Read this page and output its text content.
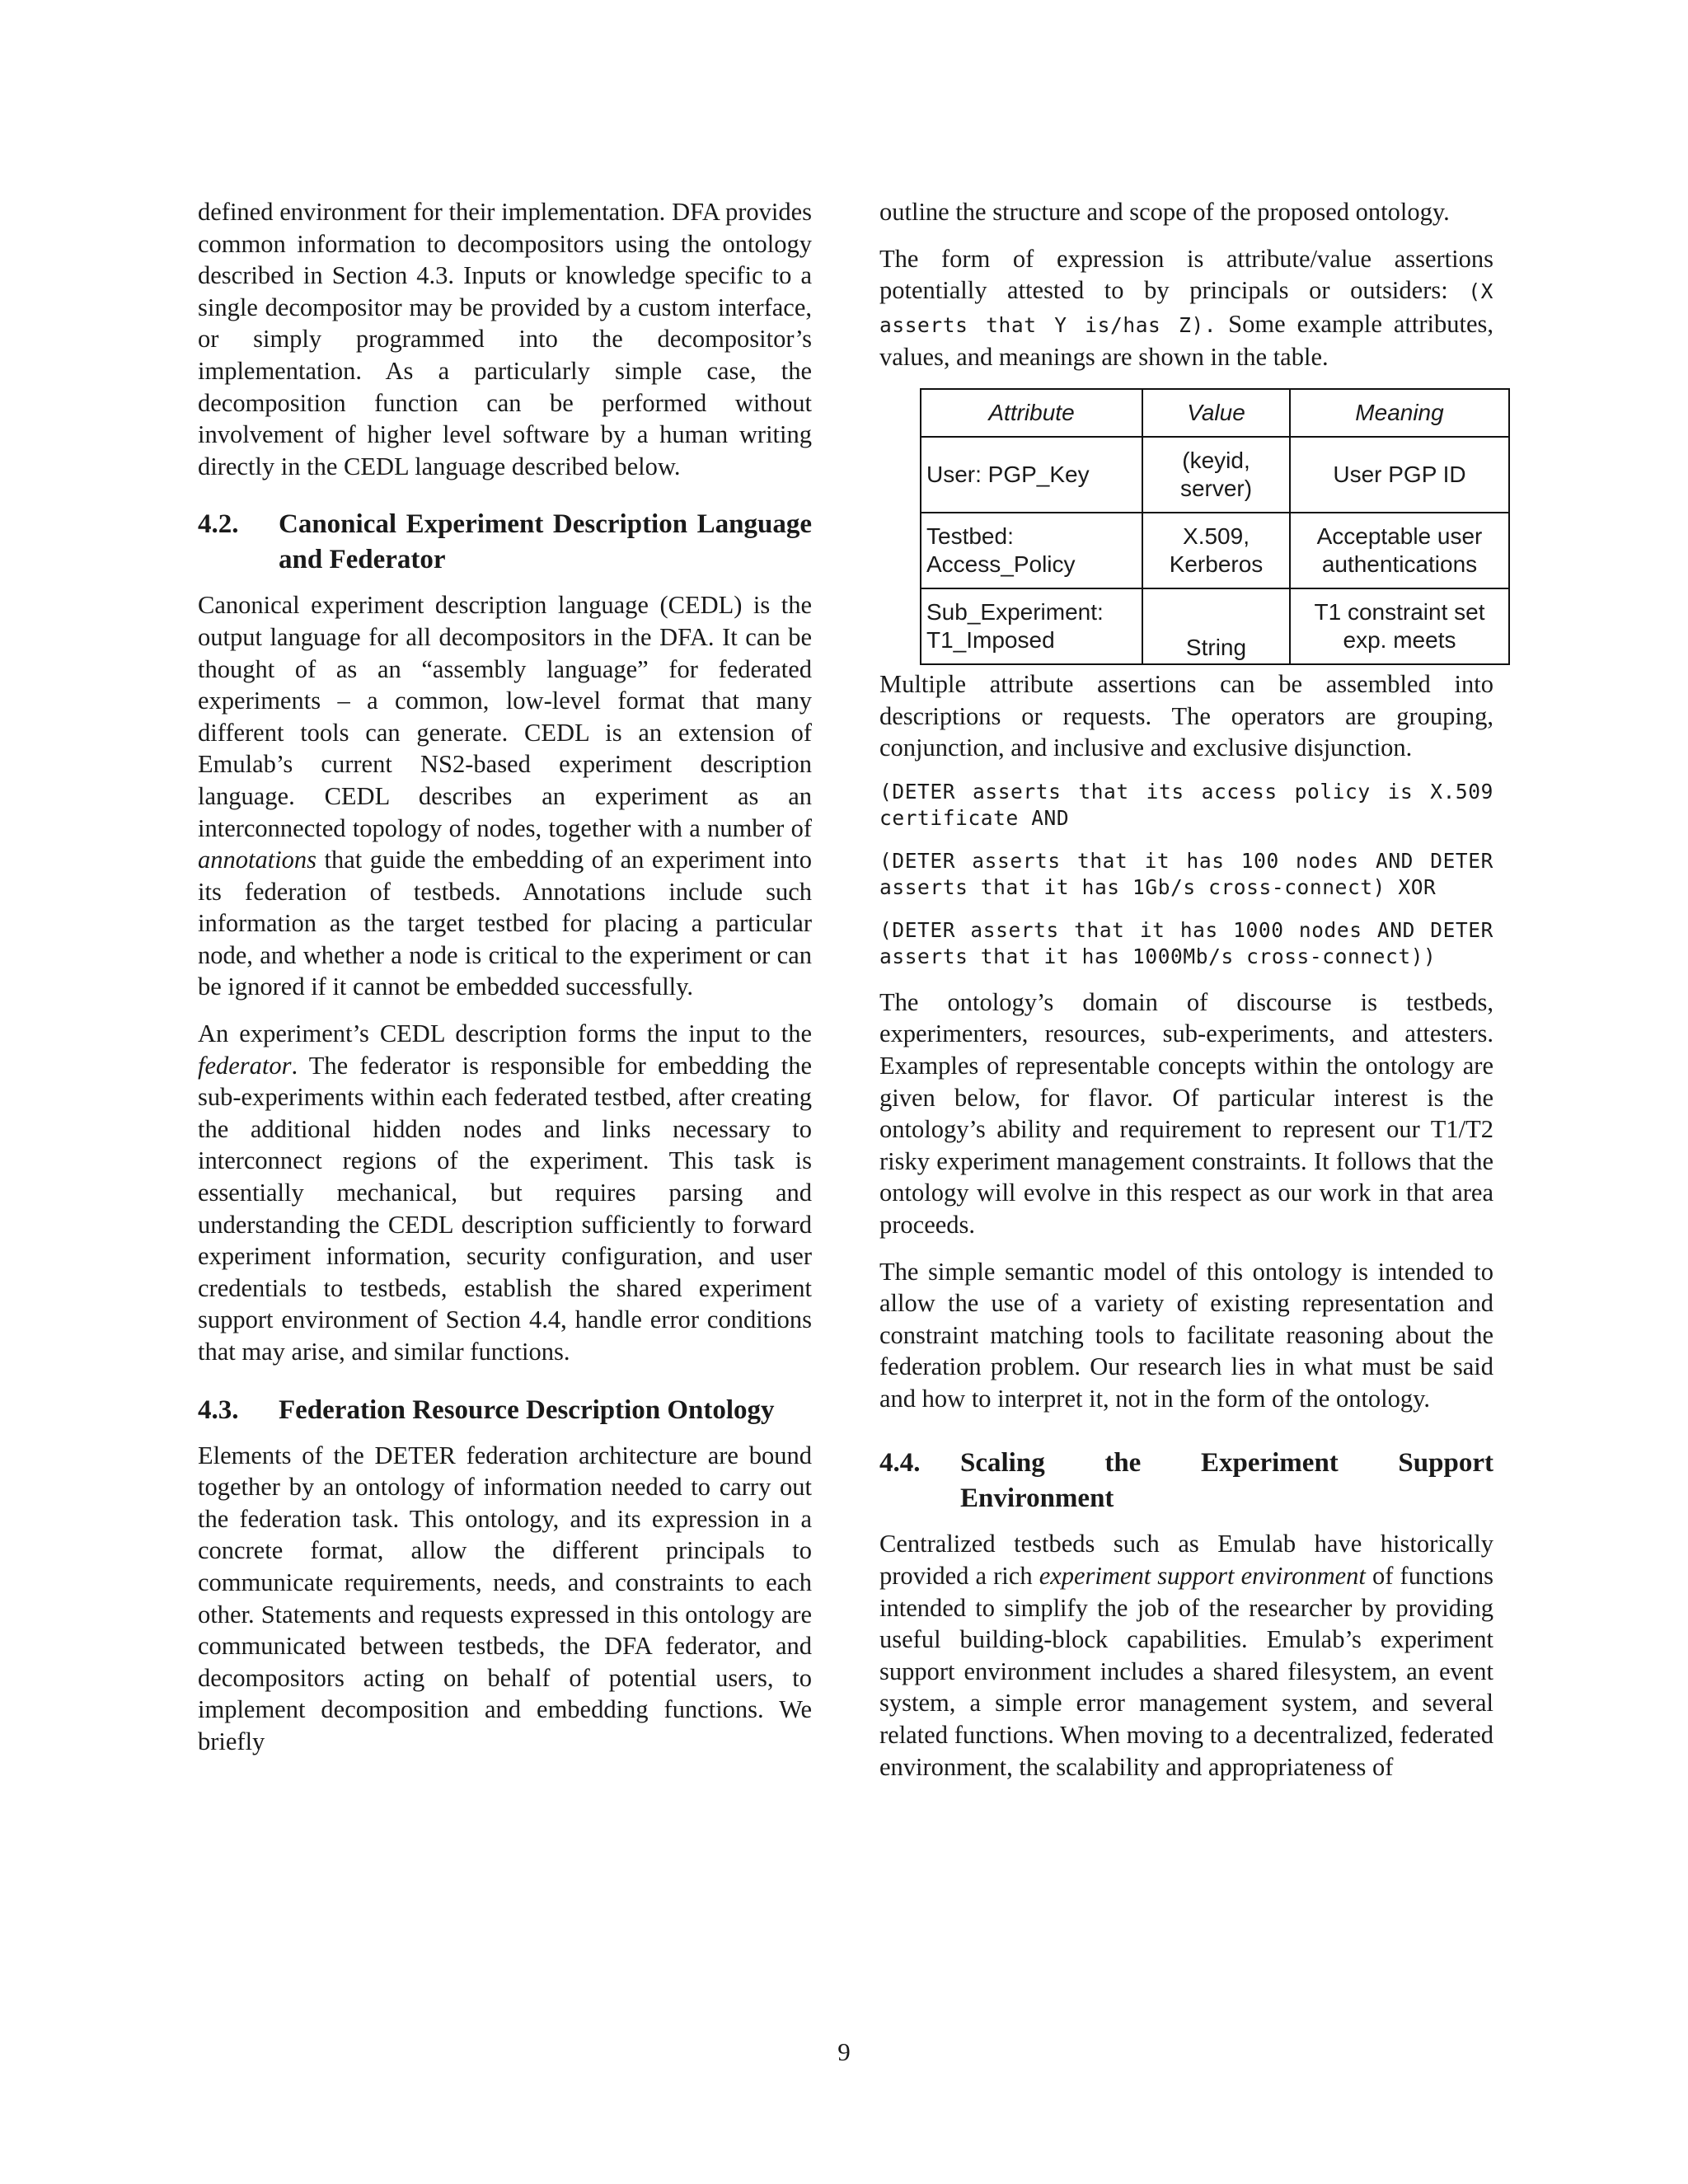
defined environment for their implementation. DFA provides common information to decompositors using the ontology described in Section 4.3. Inputs or knowledge specific to a single decompositor may be provided by a custom interface, or simply programmed into the decompositor’s implementation. As a particularly simple case, the decomposition function can be performed without involvement of higher level software by a human writing directly in the CEDL language described below.

4.2.	Canonical Experiment Description Language and Federator

Canonical experiment description language (CEDL) is the output language for all decompositors in the DFA. It can be thought of as an “assembly language” for federated experiments – a common, low-level format that many different tools can generate. CEDL is an extension of Emulab’s current NS2-based experiment description language. CEDL describes an experiment as an interconnected topology of nodes, together with a number of annotations that guide the embedding of an experiment into its federation of testbeds. Annotations include such information as the target testbed for placing a particular node, and whether a node is critical to the experiment or can be ignored if it cannot be embedded successfully.

An experiment’s CEDL description forms the input to the federator. The federator is responsible for embedding the sub-experiments within each federated testbed, after creating the additional hidden nodes and links necessary to interconnect regions of the experiment. This task is essentially mechanical, but requires parsing and understanding the CEDL description sufficiently to forward experiment information, security configuration, and user credentials to testbeds, establish the shared experiment support environment of Section 4.4, handle error conditions that may arise, and similar functions.

4.3.	Federation Resource Description Ontology

Elements of the DETER federation architecture are bound together by an ontology of information needed to carry out the federation task. This ontology, and its expression in a concrete format, allow the different principals to communicate requirements, needs, and constraints to each other. Statements and requests expressed in this ontology are communicated between testbeds, the DFA federator, and decompositors acting on behalf of potential users, to implement decomposition and embedding functions. We briefly

outline the structure and scope of the proposed ontology.

The form of expression is attribute/value assertions potentially attested to by principals or outsiders: (X asserts that Y is/has Z). Some example attributes, values, and meanings are shown in the table.

Attribute	Value	Meaning
User: PGP_Key	(keyid, server)	User PGP ID
Testbed: Access_Policy	X.509, Kerberos	Acceptable user authentications
Sub_Experiment: T1_Imposed	String	T1 constraint set exp. meets

Multiple attribute assertions can be assembled into descriptions or requests. The operators are grouping, conjunction, and inclusive and exclusive disjunction.

(DETER asserts that its access policy is X.509 certificate AND

(DETER asserts that it has 100 nodes AND DETER asserts that it has 1Gb/s cross-connect) XOR

(DETER asserts that it has 1000 nodes AND DETER asserts that it has 1000Mb/s cross-connect))

The ontology’s domain of discourse is testbeds, experimenters, resources, sub-experiments, and attesters. Examples of representable concepts within the ontology are given below, for flavor. Of particular interest is the ontology’s ability and requirement to represent our T1/T2 risky experiment management constraints. It follows that the ontology will evolve in this respect as our work in that area proceeds.

The simple semantic model of this ontology is intended to allow the use of a variety of existing representation and constraint matching tools to facilitate reasoning about the federation problem. Our research lies in what must be said and how to interpret it, not in the form of the ontology.

4.4.	Scaling the Experiment Support Environment

Centralized testbeds such as Emulab have historically provided a rich experiment support environment of functions intended to simplify the job of the researcher by providing useful building-block capabilities. Emulab’s experiment support environment includes a shared filesystem, an event system, a simple error management system, and several related functions. When moving to a decentralized, federated environment, the scalability and appropriateness of

9
